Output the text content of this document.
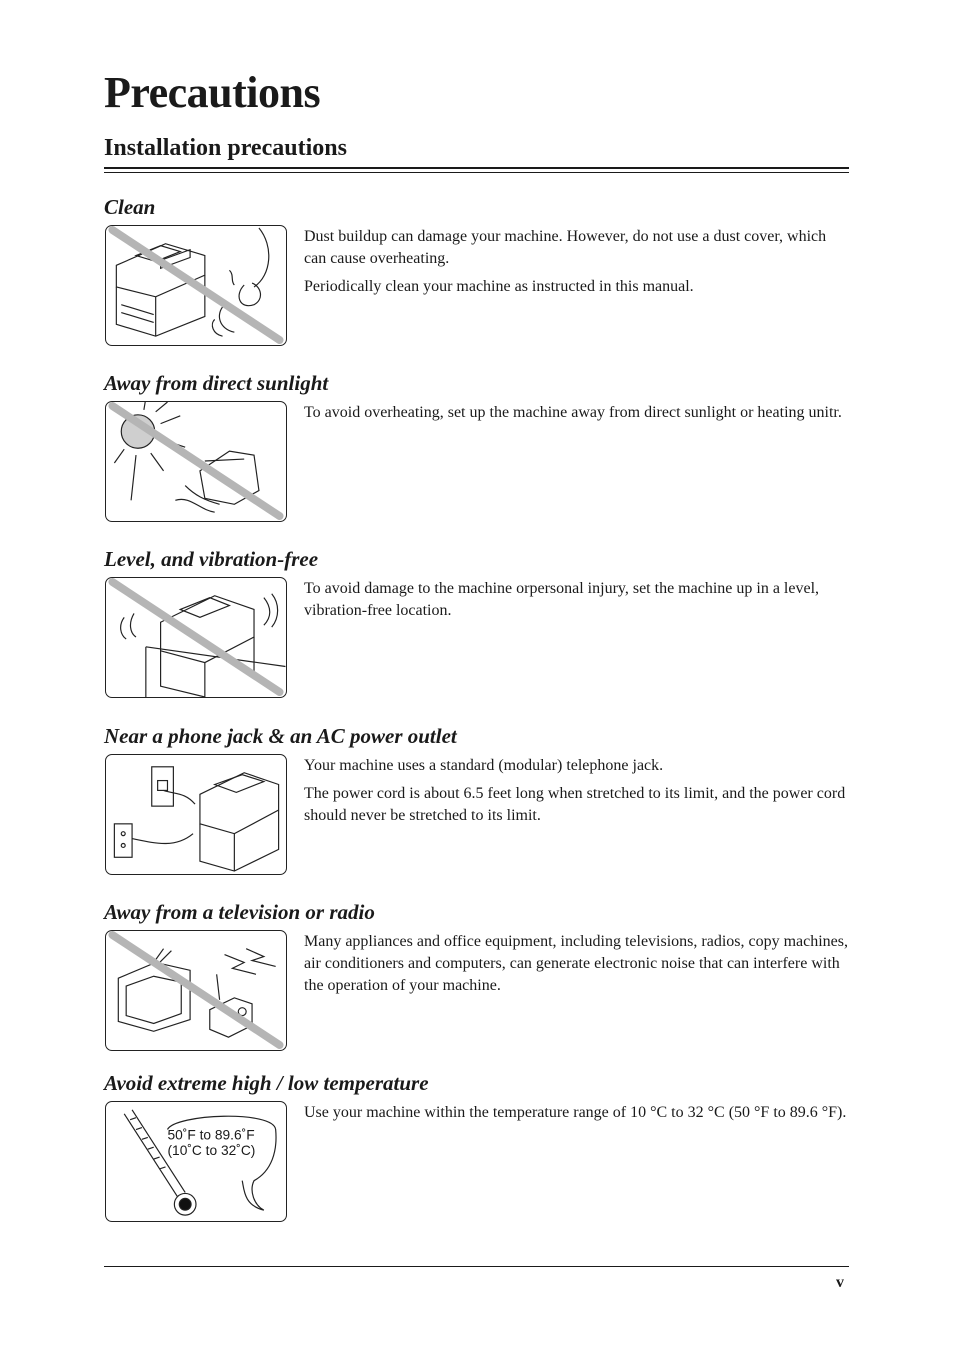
Precautions
Installation precautions
Clean

Dust buildup can damage your machine. However, do not use a dust cover, which can cause overheating.

Periodically clean your machine as instructed in this manual.

Away from direct sunlight

To avoid overheating, set up the machine away from direct sunlight or heating unitr.

Level, and vibration-free

To avoid damage to the machine orpersonal injury, set the machine up in a level, vibration-free location.

Near a phone jack & an AC power outlet

Your machine uses a standard (modular) telephone jack.

The power cord is about 6.5 feet long when stretched to its limit, and the power cord should never be stretched to its limit.

Away from a television or radio

Many appliances and office equipment, including televisions, radios, copy machines, air conditioners and computers, can generate electronic noise that can interfere with the operation of your machine.

Avoid extreme high / low temperature
50˚F to 89.6˚F
(10˚C to 32˚C)

Use your machine within the temperature range of 10 °C to 32 °C (50 °F to 89.6 °F).

v
